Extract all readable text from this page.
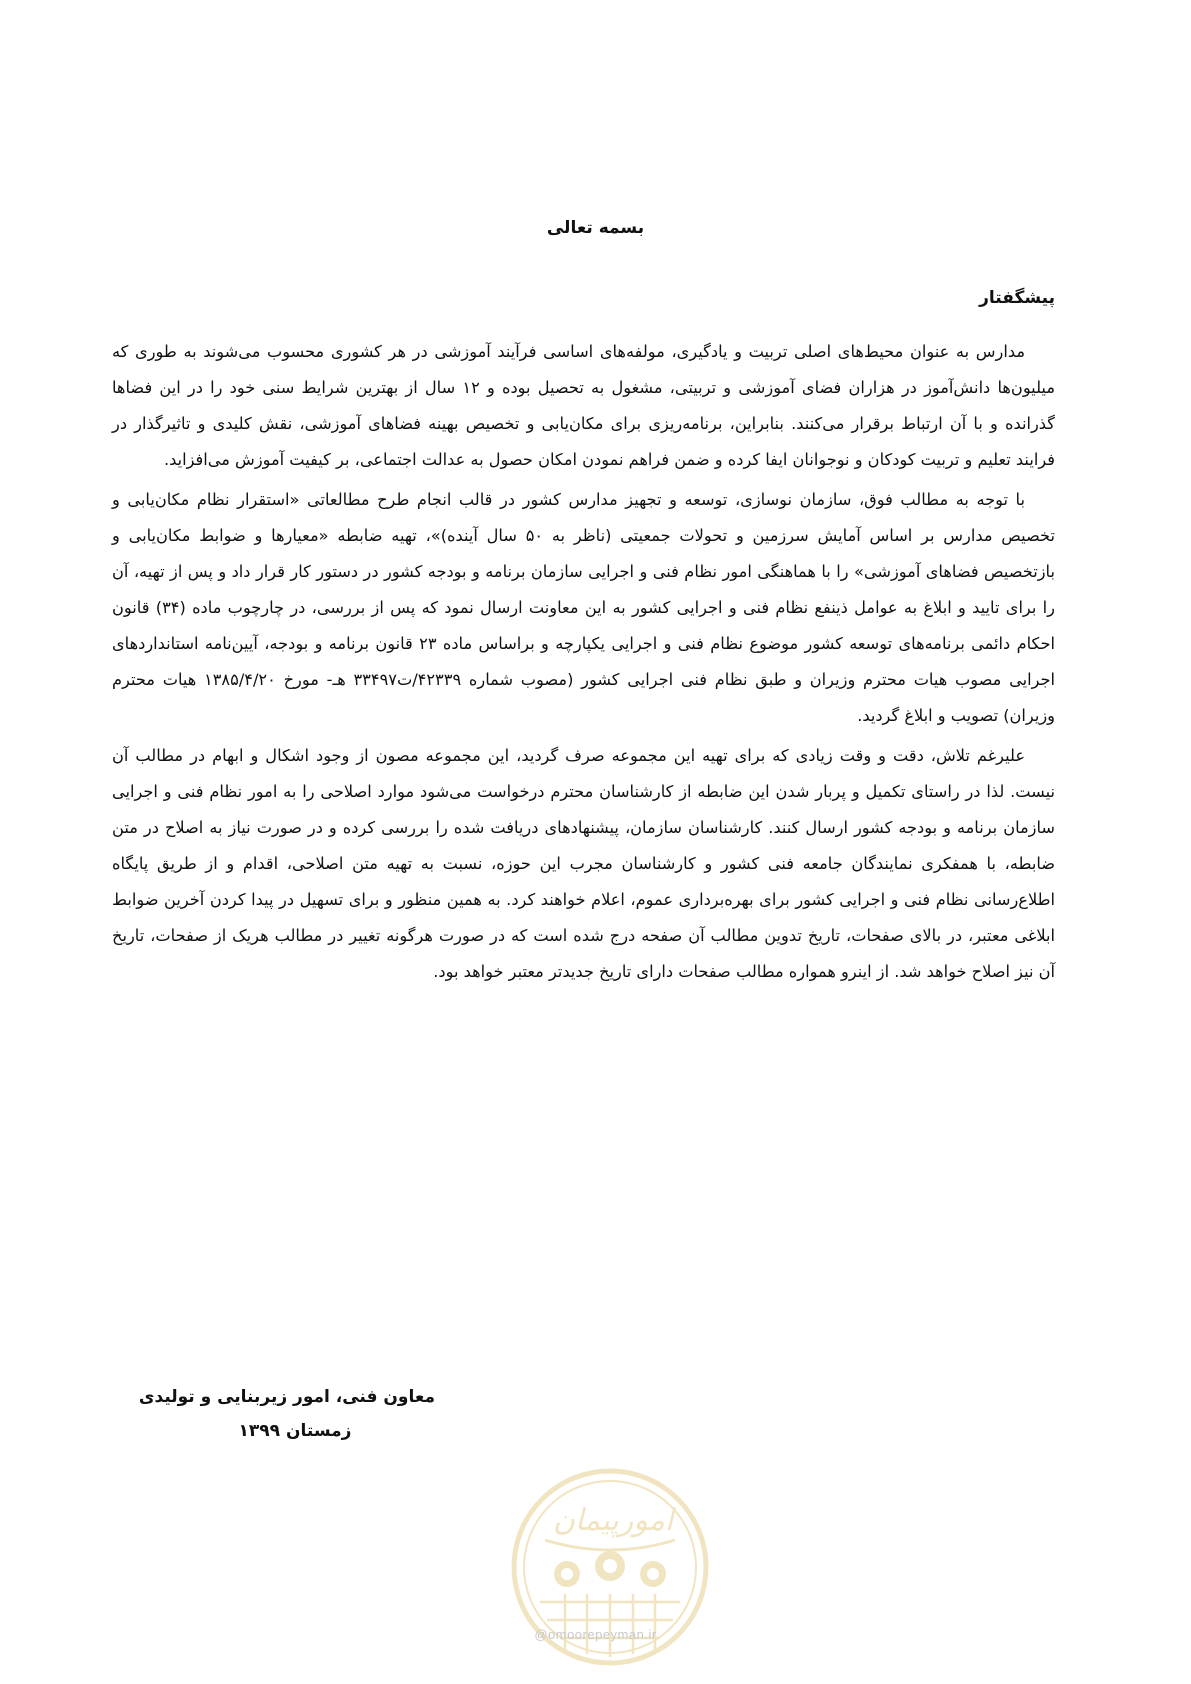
بسمه تعالی
پیشگفتار

مدارس به عنوان محیط‌های اصلی تربیت و یادگیری، مولفه‌های اساسی فرآیند آموزشی در هر کشوری محسوب می‌شوند به طوری که میلیون‌ها دانش‌آموز در هزاران فضای آموزشی و تربیتی، مشغول به تحصیل بوده و ۱۲ سال از بهترین شرایط سنی خود را در این فضاها گذرانده و با آن ارتباط برقرار می‌کنند. بنابراین، برنامه‌ریزی برای مکان‌یابی و تخصیص بهینه فضاهای آموزشی، نقش کلیدی و تاثیرگذار در فرایند تعلیم و تربیت کودکان و نوجوانان ایفا کرده و ضمن فراهم نمودن امکان حصول به عدالت اجتماعی، بر کیفیت آموزش می‌افزاید.

با توجه به مطالب فوق، سازمان نوسازی، توسعه و تجهیز مدارس کشور در قالب انجام طرح مطالعاتی «استقرار نظام مکان‌یابی و تخصیص مدارس بر اساس آمایش سرزمین و تحولات جمعیتی (ناظر به ۵۰ سال آینده)»، تهیه ضابطه «معیارها و ضوابط مکان‌یابی و بازتخصیص فضاهای آموزشی» را با هماهنگی امور نظام فنی و اجرایی سازمان برنامه و بودجه کشور در دستور کار قرار داد و پس از تهیه، آن را برای تایید و ابلاغ به عوامل ذینفع نظام فنی و اجرایی کشور به این معاونت ارسال نمود که پس از بررسی، در چارچوب ماده (۳۴) قانون احکام دائمی برنامه‌های توسعه کشور موضوع نظام فنی و اجرایی یکپارچه و براساس ماده ۲۳ قانون برنامه و بودجه، آیین‌نامه استانداردهای اجرایی مصوب هیات محترم وزیران و طبق نظام فنی اجرایی کشور (مصوب شماره ۴۲۳۳۹/ت۳۳۴۹۷ هـ- مورخ ۱۳۸۵/۴/۲۰ هیات محترم وزیران) تصویب و ابلاغ گردید.

علیرغم تلاش، دقت و وقت زیادی که برای تهیه این مجموعه صرف گردید، این مجموعه مصون از وجود اشکال و ابهام در مطالب آن نیست. لذا در راستای تکمیل و پربار شدن این ضابطه از کارشناسان محترم درخواست می‌شود موارد اصلاحی را به امور نظام فنی و اجرایی سازمان برنامه و بودجه کشور ارسال کنند. کارشناسان سازمان، پیشنهادهای دریافت شده را بررسی کرده و در صورت نیاز به اصلاح در متن ضابطه، با همفکری نمایندگان جامعه فنی کشور و کارشناسان مجرب این حوزه، نسبت به تهیه متن اصلاحی، اقدام و از طریق پایگاه اطلاع‌رسانی نظام فنی و اجرایی کشور برای بهره‌برداری عموم، اعلام خواهند کرد. به همین منظور و برای تسهیل در پیدا کردن آخرین ضوابط ابلاغی معتبر، در بالای صفحات، تاریخ تدوین مطالب آن صفحه درج شده است که در صورت هرگونه تغییر در مطالب هریک از صفحات، تاریخ آن نیز اصلاح خواهد شد. از اینرو همواره مطالب صفحات دارای تاریخ جدیدتر معتبر خواهد بود.

معاون فنی، امور زیربنایی و تولیدی
زمستان ۱۳۹۹
امورپیمان
@omoorepeyman.ir
